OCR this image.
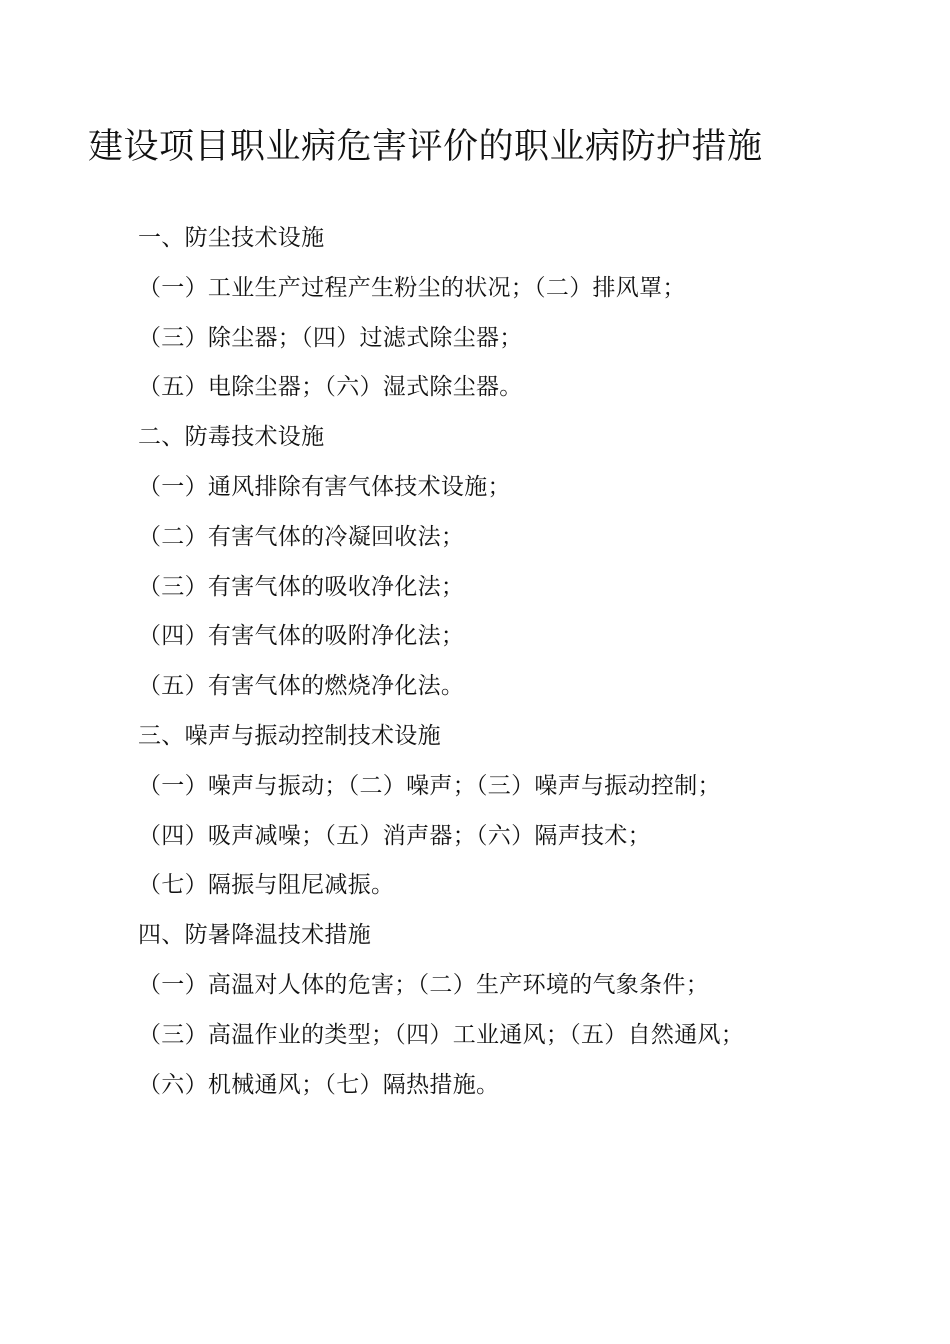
建设项目职业病危害评价的职业病防护措施
一、防尘技术设施
（一）工业生产过程产生粉尘的状况；（二）排风罩；
（三）除尘器；（四）过滤式除尘器；
（五）电除尘器；（六）湿式除尘器。
二、防毒技术设施
（一）通风排除有害气体技术设施；
（二）有害气体的冷凝回收法；
（三）有害气体的吸收净化法；
（四）有害气体的吸附净化法；
（五）有害气体的燃烧净化法。
三、噪声与振动控制技术设施
（一）噪声与振动；（二）噪声；（三）噪声与振动控制；
（四）吸声减噪；（五）消声器；（六）隔声技术；
（七）隔振与阻尼减振。
四、防暑降温技术措施
（一）高温对人体的危害；（二）生产环境的气象条件；
（三）高温作业的类型；（四）工业通风；（五）自然通风；
（六）机械通风；（七）隔热措施。
